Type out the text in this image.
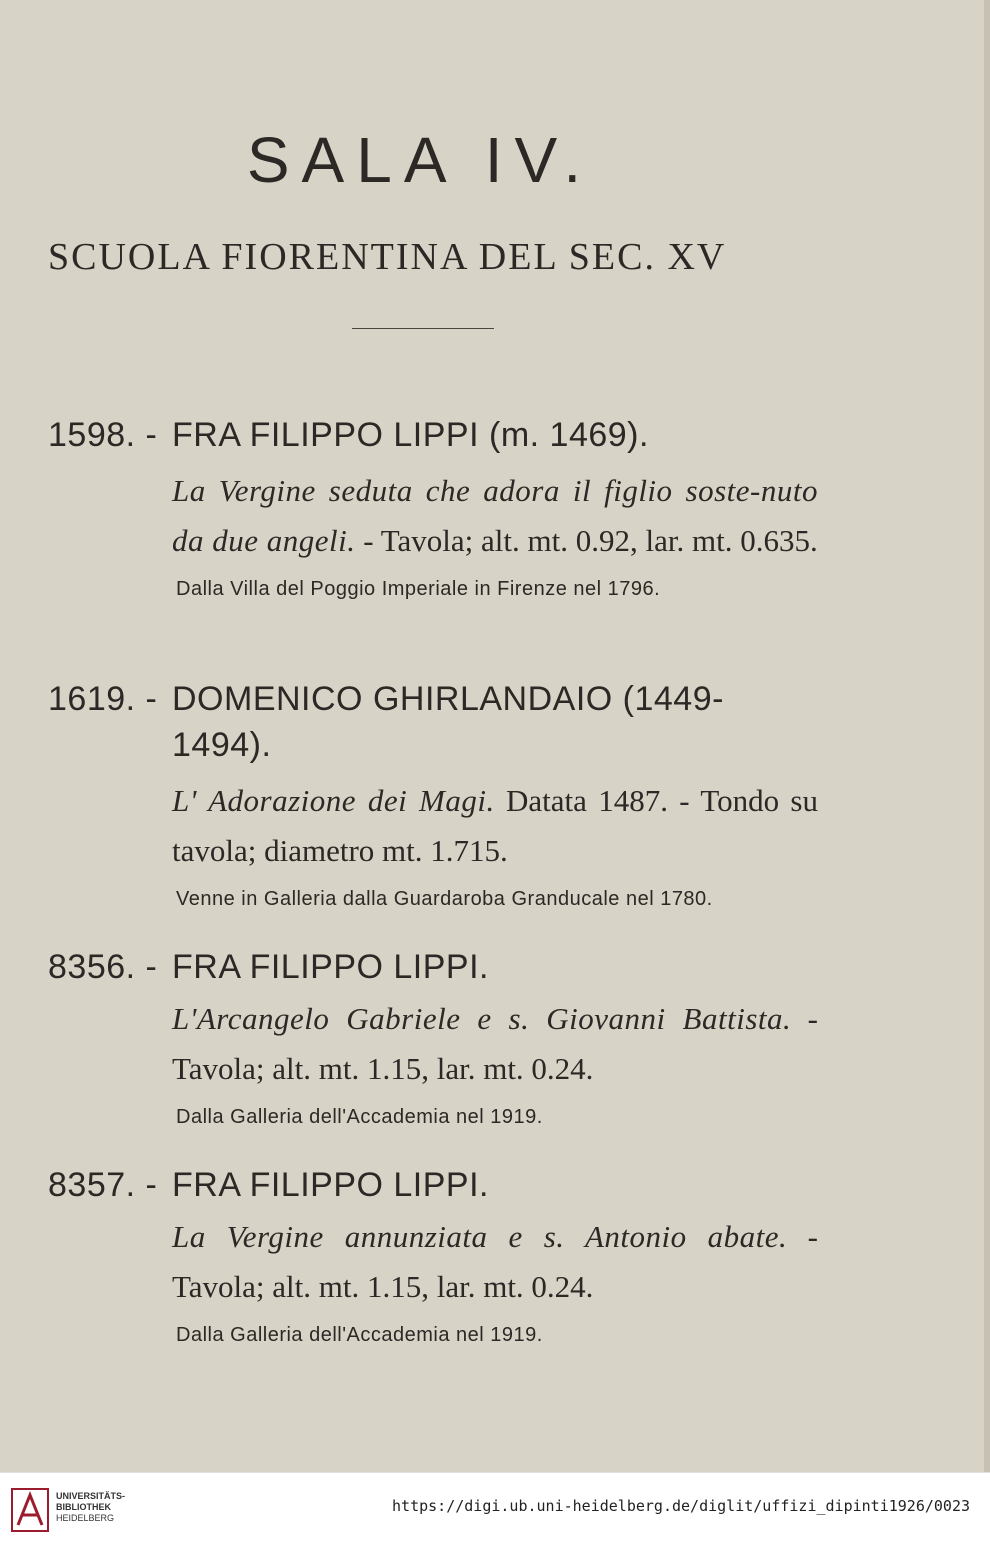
SALA IV.
SCUOLA FIORENTINA DEL SEC. XV
1598. - FRA FILIPPO LIPPI (m. 1469).
La Vergine seduta che adora il figlio soste-nuto da due angeli. - Tavola; alt. mt. 0.92, lar. mt. 0.635.
Dalla Villa del Poggio Imperiale in Firenze nel 1796.
1619. - DOMENICO GHIRLANDAIO (1449-1494).
L' Adorazione dei Magi. Datata 1487. - Tondo su tavola; diametro mt. 1.715.
Venne in Galleria dalla Guardaroba Granducale nel 1780.
8356. - FRA FILIPPO LIPPI.
L'Arcangelo Gabriele e s. Giovanni Battista. - Tavola; alt. mt. 1.15, lar. mt. 0.24.
Dalla Galleria dell'Accademia nel 1919.
8357. - FRA FILIPPO LIPPI.
La Vergine annunziata e s. Antonio abate. - Tavola; alt. mt. 1.15, lar. mt. 0.24.
Dalla Galleria dell'Accademia nel 1919.
UNIVERSITÄTS-
BIBLIOTHEK
HEIDELBERG
https://digi.ub.uni-heidelberg.de/diglit/uffizi_dipinti1926/0023
